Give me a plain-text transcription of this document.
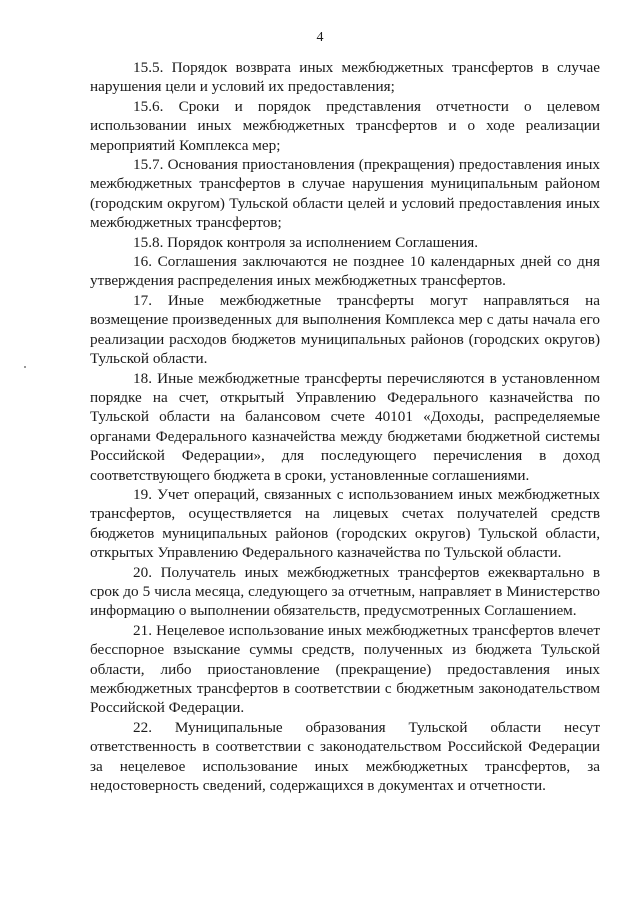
4

15.5. Порядок возврата иных межбюджетных трансфертов в случае нарушения цели и условий их предоставления;

15.6. Сроки и порядок представления отчетности о целевом использовании иных межбюджетных трансфертов и о ходе реализации мероприятий Комплекса мер;

15.7. Основания приостановления (прекращения) предоставления иных межбюджетных трансфертов в случае нарушения муниципальным районом (городским округом) Тульской области целей и условий предоставления иных межбюджетных трансфертов;

15.8. Порядок контроля за исполнением Соглашения.

16. Соглашения заключаются не позднее 10 календарных дней со дня утверждения распределения иных межбюджетных трансфертов.

17. Иные межбюджетные трансферты могут направляться на возмещение произведенных для выполнения Комплекса мер с даты начала его реализации расходов бюджетов муниципальных районов (городских округов) Тульской области.

18. Иные межбюджетные трансферты перечисляются в установленном порядке на счет, открытый Управлению Федерального казначейства по Тульской области на балансовом счете 40101 «Доходы, распределяемые органами Федерального казначейства между бюджетами бюджетной системы Российской Федерации», для последующего перечисления в доход соответствующего бюджета в сроки, установленные соглашениями.

19. Учет операций, связанных с использованием иных межбюджетных трансфертов, осуществляется на лицевых счетах получателей средств бюджетов муниципальных районов (городских округов) Тульской области, открытых Управлению Федерального казначейства по Тульской области.

20. Получатель иных межбюджетных трансфертов ежеквартально в срок до 5 числа месяца, следующего за отчетным, направляет в Министерство информацию о выполнении обязательств, предусмотренных Соглашением.

21. Нецелевое использование иных межбюджетных трансфертов влечет бесспорное взыскание суммы средств, полученных из бюджета Тульской области, либо приостановление (прекращение) предоставления иных межбюджетных трансфертов в соответствии с бюджетным законодательством Российской Федерации.

22. Муниципальные образования Тульской области несут ответственность в соответствии с законодательством Российской Федерации за нецелевое использование иных межбюджетных трансфертов, за недостоверность сведений, содержащихся в документах и отчетности.
